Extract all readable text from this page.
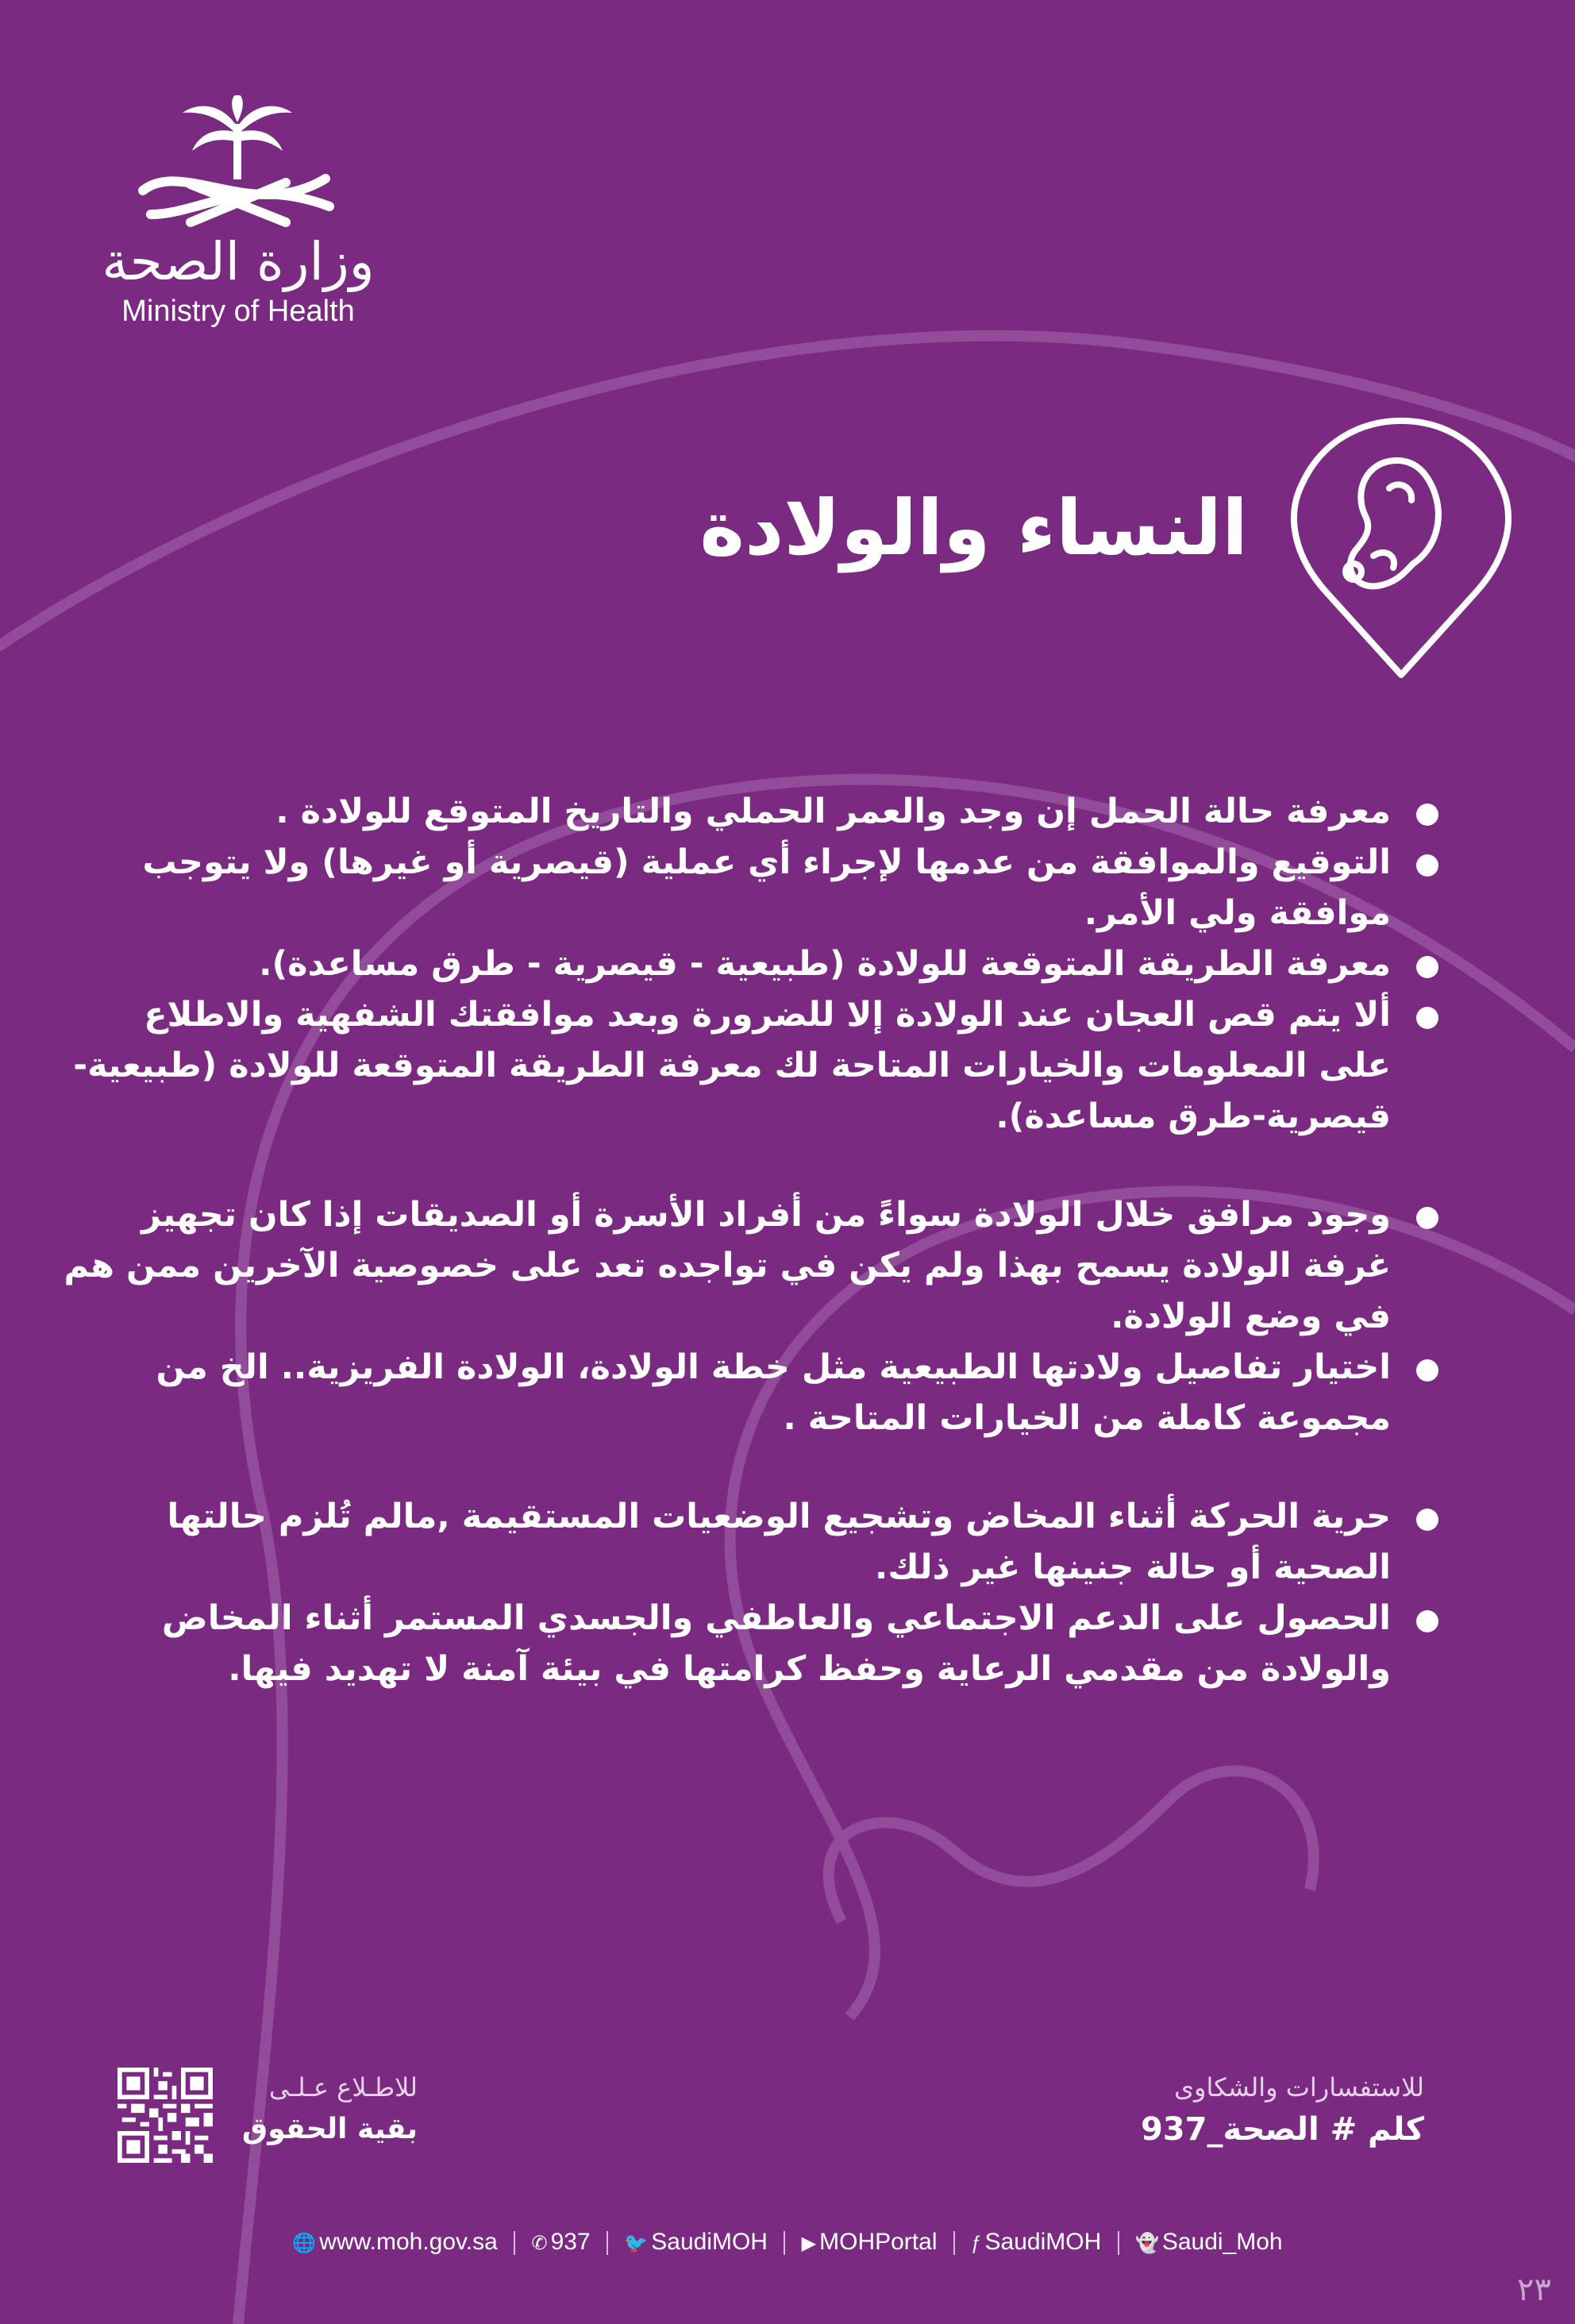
وزارة الصحة
Ministry of Health
النساء والولادة
معرفة حالة الحمل إن وجد والعمر الحملي والتاريخ المتوقع للولادة .
التوقيع والموافقة من عدمها لإجراء أي عملية (قيصرية أو غيرها) ولا يتوجب موافقة ولي الأمر.
معرفة الطريقة المتوقعة للولادة (طبيعية - قيصرية - طرق مساعدة).
ألا يتم قص العجان عند الولادة إلا للضرورة وبعد موافقتك الشفهية والاطلاع على المعلومات والخيارات المتاحة لك معرفة الطريقة المتوقعة للولادة (طبيعية-قيصرية-طرق مساعدة).
وجود مرافق خلال الولادة سواءً من أفراد الأسرة أو الصديقات إذا كان تجهيز غرفة الولادة يسمح بهذا ولم يكن في تواجده تعد على خصوصية الآخرين ممن هم في وضع الولادة.
اختيار تفاصيل ولادتها الطبيعية مثل خطة الولادة، الولادة الفريزية.. الخ من مجموعة كاملة من الخيارات المتاحة .
حرية الحركة أثناء المخاض وتشجيع الوضعيات المستقيمة ,مالم تُلزم حالتها الصحية أو حالة جنينها غير ذلك.
الحصول على الدعم الاجتماعي والعاطفي والجسدي المستمر أثناء المخاض والولادة من مقدمي الرعاية وحفظ كرامتها في بيئة آمنة لا تهديد فيها.
للاطـلاع عـلـى
بقية الحقوق
للاستفسارات والشكاوى
كلم # الصحة_937
🌐 www.moh.gov.sa ✆ 937 🐦 SaudiMOH ▶ MOHPortal ƒ SaudiMOH 👻 Saudi_Moh
٢٣
